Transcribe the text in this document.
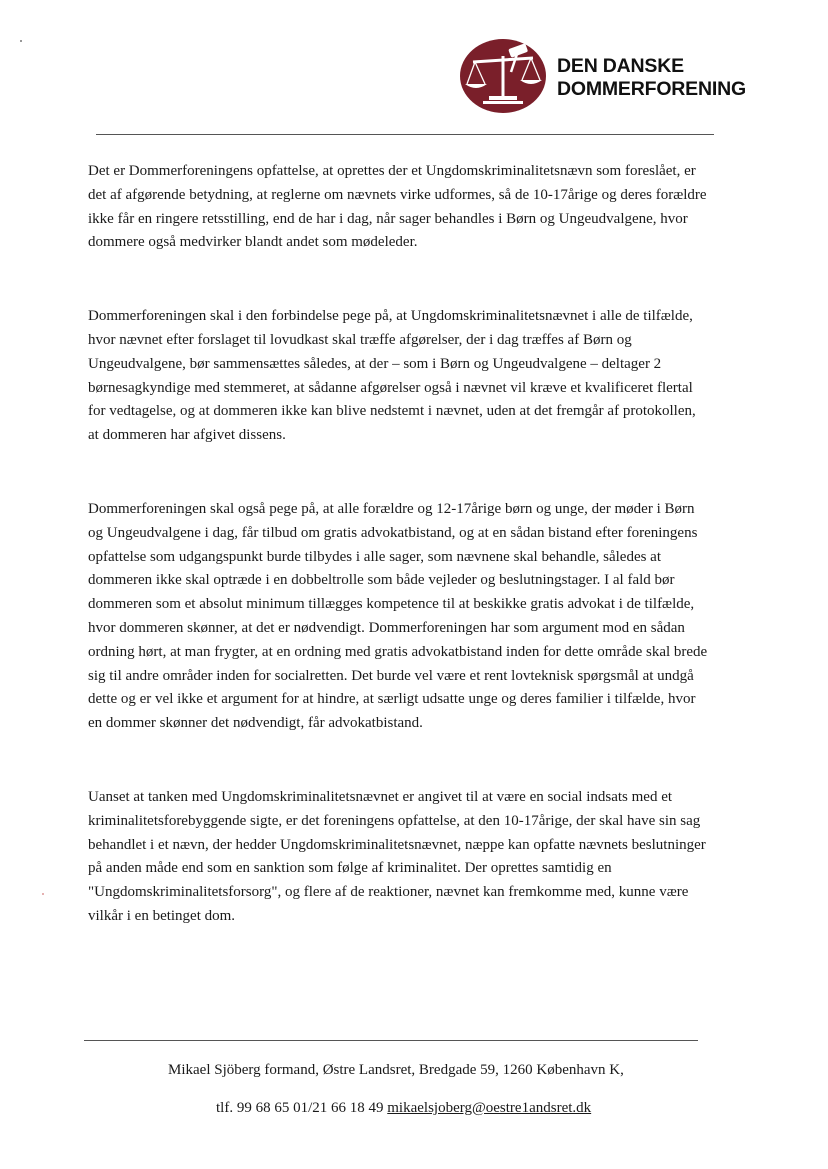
DEN DANSKE
DOMMERFORENING
Det er Dommerforeningens opfattelse, at oprettes der et Ungdomskriminalitetsnævn som foreslået, er
det af afgørende betydning, at reglerne om nævnets virke udformes, så de 10-17årige og deres forældre
ikke får en ringere retsstilling, end de har i dag, når sager behandles i Børn og Ungeudvalgene, hvor
dommere også medvirker blandt andet som mødeleder.
Dommerforeningen skal i den forbindelse pege på, at Ungdomskriminalitetsnævnet i alle de tilfælde,
hvor nævnet efter forslaget til lovudkast skal træffe afgørelser, der i dag træffes af Børn og
Ungeudvalgene, bør sammensættes således, at der – som i Børn og Ungeudvalgene – deltager 2
børnesagkyndige med stemmeret, at sådanne afgørelser også i nævnet vil kræve et kvalificeret flertal
for vedtagelse, og at dommeren ikke kan blive nedstemt i nævnet, uden at det fremgår af protokollen,
at dommeren har afgivet dissens.
Dommerforeningen skal også pege på, at alle forældre og 12-17årige børn og unge, der møder i Børn
og Ungeudvalgene i dag, får tilbud om gratis advokatbistand, og at en sådan bistand efter foreningens
opfattelse som udgangspunkt burde tilbydes i alle sager, som nævnene skal behandle, således at
dommeren ikke skal optræde i en dobbeltrolle som både vejleder og beslutningstager. I al fald bør
dommeren som et absolut minimum tillægges kompetence til at beskikke gratis advokat i de tilfælde,
hvor dommeren skønner, at det er nødvendigt. Dommerforeningen har som argument mod en sådan
ordning hørt, at man frygter, at en ordning med gratis advokatbistand inden for dette område skal brede
sig til andre områder inden for socialretten. Det burde vel være et rent lovteknisk spørgsmål at undgå
dette og er vel ikke et argument for at hindre, at særligt udsatte unge og deres familier i tilfælde, hvor
en dommer skønner det nødvendigt, får advokatbistand.
Uanset at tanken med Ungdomskriminalitetsnævnet er angivet til at være en social indsats med et
kriminalitetsforebyggende sigte, er det foreningens opfattelse, at den 10-17årige, der skal have sin sag
behandlet i et nævn, der hedder Ungdomskriminalitetsnævnet, næppe kan opfatte nævnets beslutninger
på anden måde end som en sanktion som følge af kriminalitet. Der oprettes samtidig en
"Ungdomskriminalitetsforsorg", og flere af de reaktioner, nævnet kan fremkomme med, kunne være
vilkår i en betinget dom.
Mikael Sjöberg formand, Østre Landsret, Bredgade 59, 1260 København K,
tlf. 99 68 65 01/21 66 18 49 mikaelsjoberg@oestre1andsret.dk
